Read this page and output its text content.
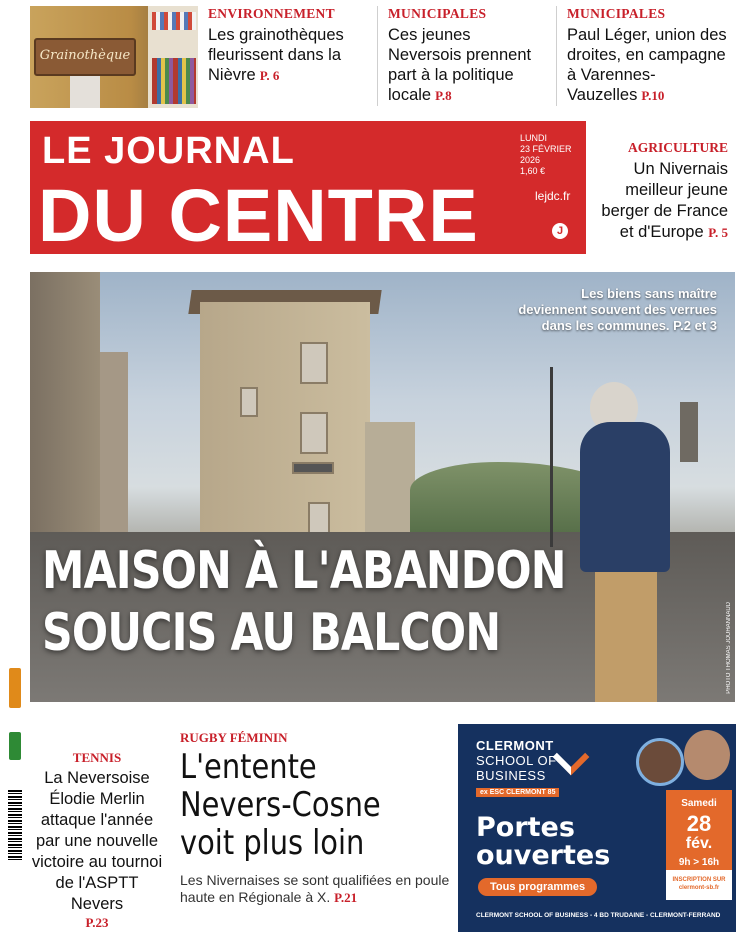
Grainothèque
ENVIRONNEMENT
Les grainothèques fleurissent dans la Nièvre P. 6
MUNICIPALES
Ces jeunes Neversois prennent part à la politique locale P.8
MUNICIPALES
Paul Léger, union des droites, en campagne à Varennes-Vauzelles P.10
LE JOURNAL
DU CENTRE
LUNDI
23 FÉVRIER 2026
1,60 €
lejdc.fr
J
AGRICULTURE
Un Nivernais meilleur jeune berger de France et d'Europe P. 5
Les biens sans maître deviennent souvent des verrues dans les communes. P.2 et 3
MAISON À L'ABANDON
SOUCIS AU BALCON	PHOTO THOMAS JOUHANNAUD
TENNIS
La Neversoise Élodie Merlin attaque l'année par une nouvelle victoire au tournoi de l'ASPTT Nevers
P.23
RUGBY FÉMININ
L'entente
Nevers-Cosne
voit plus loin
Les Nivernaises se sont qualifiées en poule haute en Régionale à X. P.21
CLERMONT
SCHOOL OF
BUSINESS
ex ESC CLERMONT 85
Portes
ouvertes
Tous programmes
Samedi
28
fév.
9h > 16h
INSCRIPTION SUR clermont-sb.fr
CLERMONT SCHOOL OF BUSINESS - 4 BD TRUDAINE - CLERMONT-FERRAND
